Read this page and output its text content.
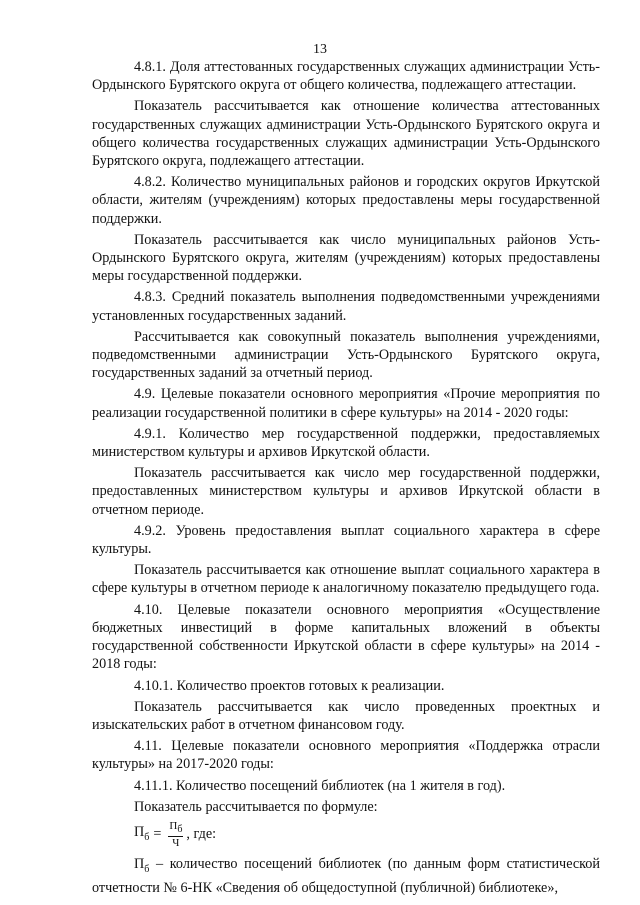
13

4.8.1. Доля аттестованных государственных служащих администрации Усть-Ордынского Бурятского округа от общего количества, подлежащего аттестации.

Показатель рассчитывается как отношение количества аттестованных государственных служащих администрации Усть-Ордынского Бурятского округа и общего количества государственных служащих администрации Усть-Ордынского Бурятского округа, подлежащего аттестации.

4.8.2. Количество муниципальных районов и городских округов Иркутской области, жителям (учреждениям) которых предоставлены меры государственной поддержки.

Показатель рассчитывается как число муниципальных районов Усть-Ордынского Бурятского округа, жителям (учреждениям) которых предоставлены меры государственной поддержки.

4.8.3. Средний показатель выполнения подведомственными учреждениями установленных государственных заданий.

Рассчитывается как совокупный показатель выполнения учреждениями, подведомственными администрации Усть-Ордынского Бурятского округа, государственных заданий за отчетный период.

4.9. Целевые показатели основного мероприятия «Прочие мероприятия по реализации государственной политики в сфере культуры» на 2014 - 2020 годы:

4.9.1. Количество мер государственной поддержки, предоставляемых министерством культуры и архивов Иркутской области.

Показатель рассчитывается как число мер государственной поддержки, предоставленных министерством культуры и архивов Иркутской области в отчетном периоде.

4.9.2. Уровень предоставления выплат социального характера в сфере культуры.

Показатель рассчитывается как отношение выплат социального характера в сфере культуры в отчетном периоде к аналогичному показателю предыдущего года.

4.10. Целевые показатели основного мероприятия «Осуществление бюджетных инвестиций в форме капитальных вложений в объекты государственной собственности Иркутской области в сфере культуры» на 2014 - 2018 годы:

4.10.1. Количество проектов готовых к реализации.

Показатель рассчитывается как число проведенных проектных и изыскательских работ в отчетном финансовом году.

4.11. Целевые показатели основного мероприятия «Поддержка отрасли культуры» на 2017-2020 годы:

4.11.1. Количество посещений библиотек (на 1 жителя в год).

Показатель рассчитывается по формуле:

$П_б = \frac{П_б}{Ч}$ , где:

$П_б$ – количество посещений библиотек (по данным форм статистической отчетности № 6-НК «Сведения об общедоступной (публичной) библиотеке»,
